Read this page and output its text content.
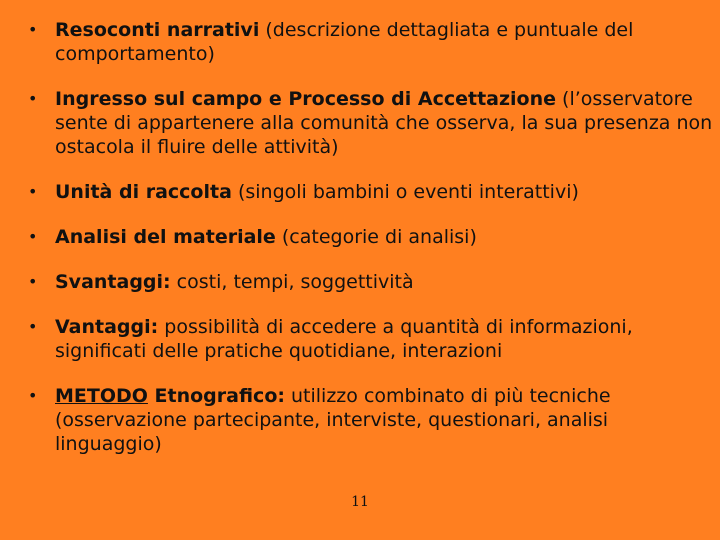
• Resoconti narrativi (descrizione dettagliata e puntuale del comportamento)
• Ingresso sul campo e Processo di Accettazione (l’osservatore sente di appartenere alla comunità che osserva, la sua presenza non ostacola il fluire delle attività)
• Unità di raccolta (singoli bambini o eventi interattivi)
• Analisi del materiale (categorie di analisi)
• Svantaggi: costi, tempi, soggettività
• Vantaggi: possibilità di accedere a quantità di informazioni, significati delle pratiche quotidiane, interazioni
• METODO Etnografico: utilizzo combinato di più tecniche (osservazione partecipante, interviste, questionari, analisi linguaggio)
11
